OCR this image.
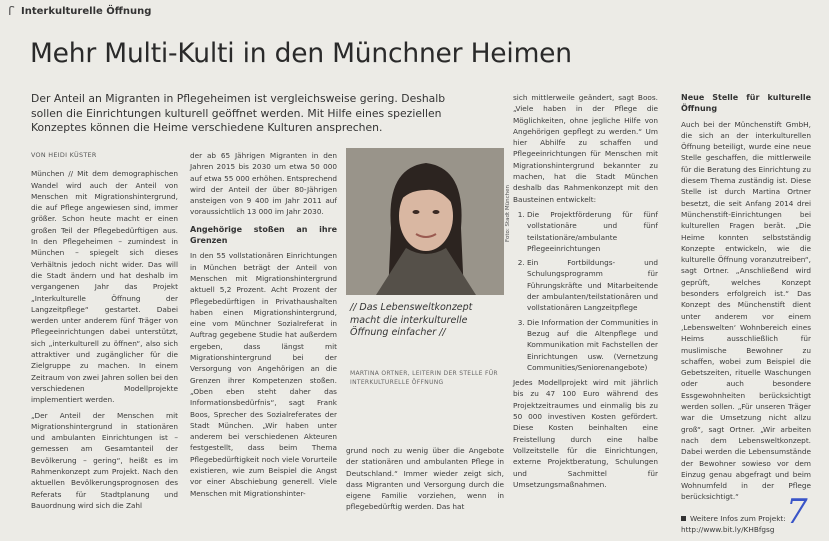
ꓩ Interkulturelle Öffnung
Mehr Multi-Kulti in den Münchner Heimen
Der Anteil an Migranten in Pflegeheimen ist vergleichsweise gering. Deshalb sollen die Einrichtungen kulturell geöffnet werden. Mit Hilfe eines speziellen Konzeptes können die Heime verschiedene Kulturen ansprechen.
VON HEIDI KÜSTER

München // Mit dem demographischen Wandel wird auch der Anteil von Menschen mit Migrationshintergrund, die auf Pflege angewiesen sind, immer größer. Schon heute macht er einen großen Teil der Pflegebedürftigen aus. In den Pflegeheimen – zumindest in München – spiegelt sich dieses Verhältnis jedoch nicht wider. Das will die Stadt ändern und hat deshalb im vergangenen Jahr das Projekt „Interkulturelle Öffnung der Langzeitpflege“ gestartet. Dabei werden unter anderem fünf Träger von Pflegeeinrichtungen dabei unterstützt, sich „interkulturell zu öffnen“, also sich attraktiver und zugänglicher für die Zielgruppe zu machen. In einem Zeitraum von zwei Jahren sollen bei den verschiedenen Modellprojekte implementiert werden.

„Der Anteil der Menschen mit Migrationshintergrund in stationären und ambulanten Einrichtungen ist – gemessen am Gesamtanteil der Bevölkerung – gering“, heißt es im Rahmenkonzept zum Projekt. Nach den aktuellen Bevölkerungsprognosen des Referats für Stadtplanung und Bauordnung wird sich die Zahl

der ab 65 Jährigen Migranten in den Jahren 2015 bis 2030 um etwa 50 000 auf etwa 55 000 erhöhen. Entsprechend wird der Anteil der über 80-Jährigen ansteigen von 9 400 im Jahr 2011 auf voraussichtlich 13 000 im Jahr 2030.

Angehörige stoßen an ihre Grenzen

In den 55 vollstationären Einrichtungen in München beträgt der Anteil von Menschen mit Migrationshintergrund aktuell 5,2 Prozent. Acht Prozent der Pflegebedürftigen in Privathaushalten haben einen Migrationshintergrund, eine vom Münchner Sozialreferat in Auftrag gegebene Studie hat außerdem ergeben, dass längst mit Migrationshintergrund bei der Versorgung von Angehörigen an die Grenzen ihrer Kompetenzen stoßen. „Oben eben steht daher das Informationsbedürfnis“, sagt Frank Boos, Sprecher des Sozialreferates der Stadt München. „Wir haben unter anderem bei verschiedenen Akteuren festgestellt, dass beim Thema Pflegebedürftigkeit noch viele Vorurteile existieren, wie zum Beispiel die Angst vor einer Abschiebung generell. Viele Menschen mit Migrationshinter-

Foto: Stadt München
// Das Lebensweltkonzept macht die interkulturelle Öffnung einfacher //
MARTINA ORTNER, LEITERIN DER STELLE FÜR INTERKULTURELLE ÖFFNUNG

grund noch zu wenig über die Angebote der stationären und ambulanten Pflege in Deutschland.“ Immer wieder zeigt sich, dass Migranten und Versorgung durch die eigene Familie vorziehen, wenn in pflegebedürftig werden. Das hat

sich mittlerweile geändert, sagt Boos. „Viele haben in der Pflege die Möglichkeiten, ohne jegliche Hilfe von Angehörigen gepflegt zu werden.“ Um hier Abhilfe zu schaffen und Pflegeeinrichtungen für Menschen mit Migrationshintergrund bekannter zu machen, hat die Stadt München deshalb das Rahmenkonzept mit den Bausteinen entwickelt:

1. Die Projektförderung für fünf vollstationäre und fünf teilstationäre/ambulante Pflegeeinrichtungen
2. Ein Fortbildungs- und Schulungsprogramm für Führungskräfte und Mitarbeitende der ambulanten/teilstationären und vollstationären Langzeitpflege
3. Die Information der Communities in Bezug auf die Altenpflege und Kommunikation mit Fachstellen der Einrichtungen usw. (Vernetzung Communities/Seniorenangebote)

Jedes Modellprojekt wird mit jährlich bis zu 47 100 Euro während des Projektzeitraumes und einmalig bis zu 50 000 investiven Kosten gefördert. Diese Kosten beinhalten eine Freistellung durch eine halbe Vollzeitstelle für die Einrichtungen, externe Projektberatung, Schulungen und Sachmittel für Umsetzungsmaßnahmen.

Neue Stelle für kulturelle Öffnung

Auch bei der Münchenstift GmbH, die sich an der interkulturellen Öffnung beteiligt, wurde eine neue Stelle geschaffen, die mittlerweile für die Beratung des Einrichtung zu diesem Thema zuständig ist. Diese Stelle ist durch Martina Ortner besetzt, die seit Anfang 2014 drei Münchenstift-Einrichtungen bei kulturellen Fragen berät. „Die Heime konnten selbstständig Konzepte entwickeln, wie die kulturelle Öffnung voranzutreiben“, sagt Ortner. „Anschließend wird geprüft, welches Konzept besonders erfolgreich ist.“ Das Konzept des Münchenstift dient unter anderem vor einem ‚Lebenswelten‘ Wohnbereich eines Heims ausschließlich für muslimische Bewohner zu schaffen, wobei zum Beispiel die Gebetszeiten, rituelle Waschungen oder auch besondere Essgewohnheiten berücksichtigt werden sollen. „Für unseren Träger war die Umsetzung nicht allzu groß“, sagt Ortner. „Wir arbeiten nach dem Lebensweltkonzept. Dabei werden die Lebensumstände der Bewohner sowieso vor dem Einzug genau abgefragt und beim Wohnumfeld in der Pflege berücksichtigt.“

Weitere Infos zum Projekt:
http://www.bit.ly/KHBfgsg 7
